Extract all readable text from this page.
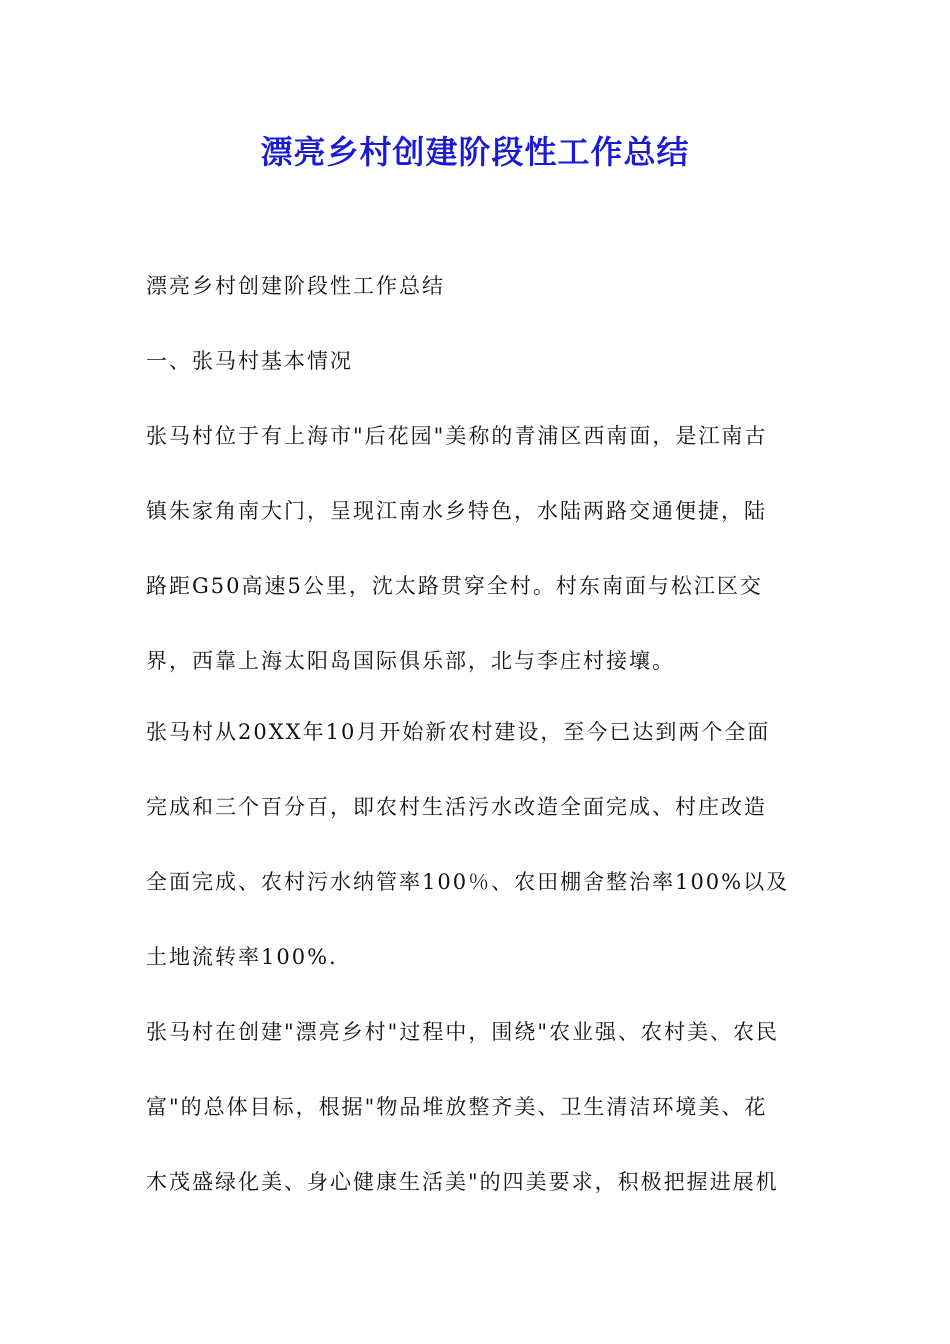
漂亮乡村创建阶段性工作总结

漂亮乡村创建阶段性工作总结

一、张马村基本情况

张马村位于有上海市"后花园"美称的青浦区西南面，是江南古
镇朱家角南大门，呈现江南水乡特色，水陆两路交通便捷，陆
路距G50高速5公里，沈太路贯穿全村。村东南面与松江区交
界，西靠上海太阳岛国际俱乐部，北与李庄村接壤。

张马村从20XX年10月开始新农村建设，至今已达到两个全面
完成和三个百分百，即农村生活污水改造全面完成、村庄改造
全面完成、农村污水纳管率100％、农田棚舍整治率100%以及
土地流转率100%.

张马村在创建"漂亮乡村"过程中，围绕"农业强、农村美、农民
富"的总体目标，根据"物品堆放整齐美、卫生清洁环境美、花
木茂盛绿化美、身心健康生活美"的四美要求，积极把握进展机
